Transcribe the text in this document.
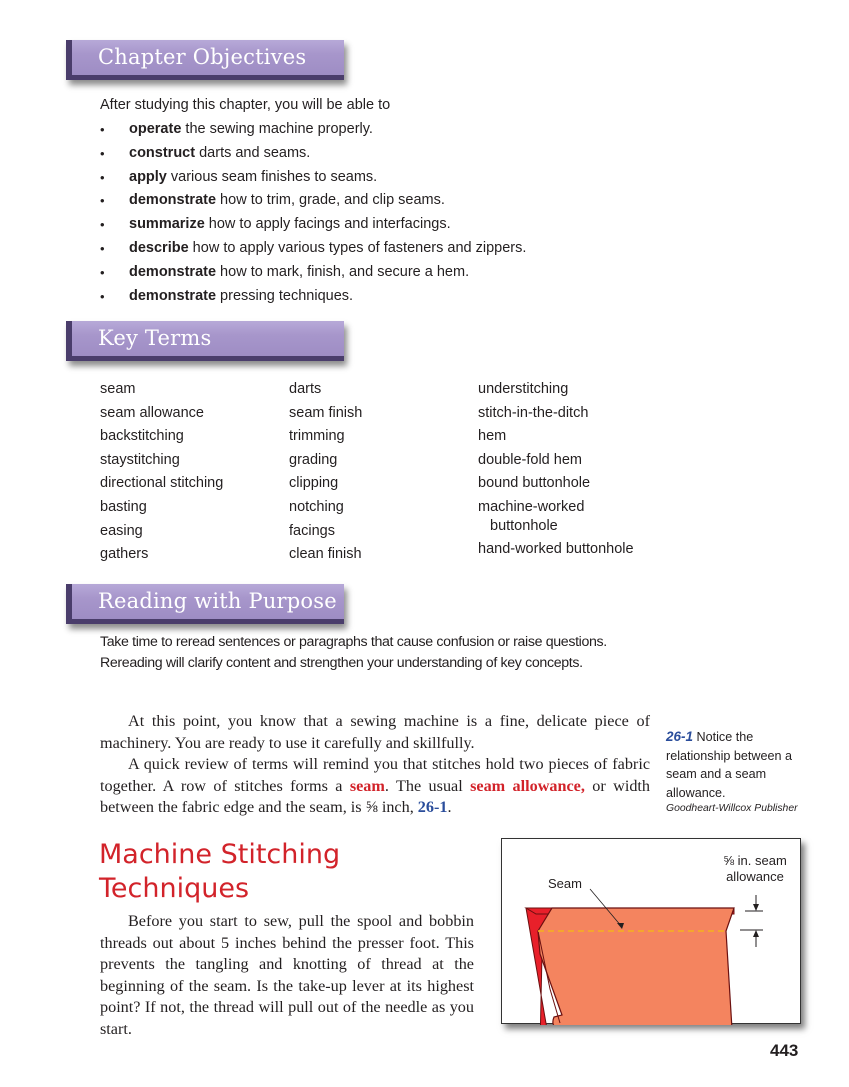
Chapter Objectives
After studying this chapter, you will be able to
• operate the sewing machine properly.
• construct darts and seams.
• apply various seam finishes to seams.
• demonstrate how to trim, grade, and clip seams.
• summarize how to apply facings and interfacings.
• describe how to apply various types of fasteners and zippers.
• demonstrate how to mark, finish, and secure a hem.
• demonstrate pressing techniques.
Key Terms
seam
seam allowance
backstitching
staystitching
directional stitching
basting
easing
gathers
darts
seam finish
trimming
grading
clipping
notching
facings
clean finish
understitching
stitch-in-the-ditch
hem
double-fold hem
bound buttonhole
machine-worked
buttonhole
hand-worked buttonhole
Reading with Purpose
Take time to reread sentences or paragraphs that cause confusion or raise questions.
Rereading will clarify content and strengthen your understanding of key concepts.

At this point, you know that a sewing machine is a fine, delicate piece of machinery. You are ready to use it carefully and skillfully.

A quick review of terms will remind you that stitches hold two pieces of fabric together. A row of stitches forms a seam. The usual seam allowance, or width between the fabric edge and the seam, is ⅝ inch, 26-1.

26-1 Notice the relationship between a seam and a seam allowance.
Goodheart-Willcox Publisher
Machine Stitching
Techniques

Before you start to sew, pull the spool and bobbin threads out about 5 inches behind the presser foot. This prevents the tangling and knotting of thread at the beginning of the seam. Is the take-up lever at its highest point? If not, the thread will pull out of the needle as you start.

Seam
⅝ in. seam
allowance
443
